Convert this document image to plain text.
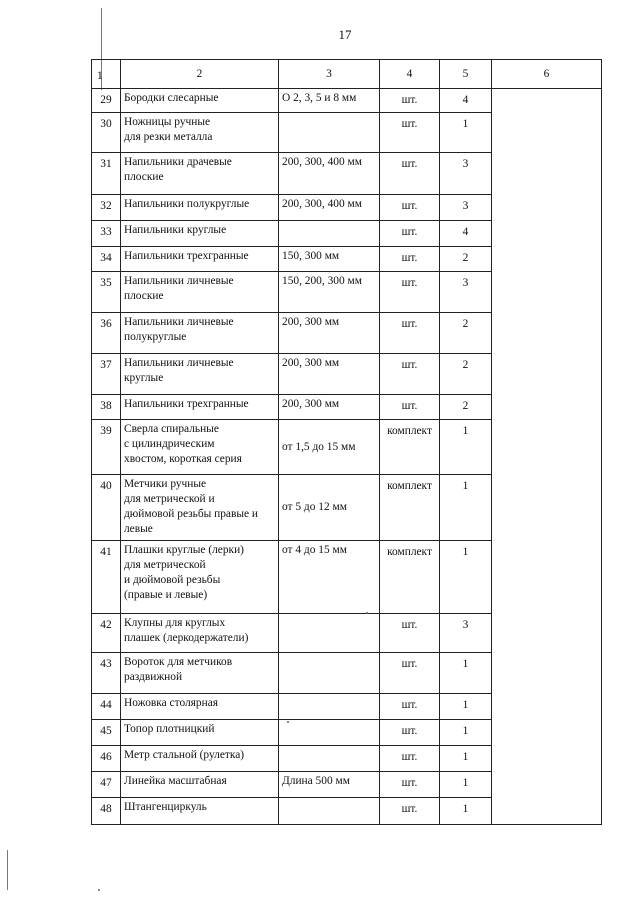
17
1	2	3	4	5	6
29	Бородки слесарные	О 2, 3, 5 и 8 мм	шт.	4	
30	Ножницы ручные
для резки металла		шт.	1	
31	Напильники драчевые
плоские	200, 300, 400 мм	шт.	3	
32	Напильники полукруглые	200, 300, 400 мм	шт.	3	
33	Напильники круглые		шт.	4	
34	Напильники трехгранные	150, 300 мм	шт.	2	
35	Напильники личневые
плоские	150, 200, 300 мм	шт.	3	
36	Напильники личневые
полукруглые	200, 300 мм	шт.	2	
37	Напильники личневые
круглые	200, 300 мм	шт.	2	
38	Напильники трехгранные	200, 300 мм	шт.	2	
39	Сверла спиральные
с цилиндрическим
хвостом, короткая серия	от 1,5 до 15 мм	комплект	1	
40	Метчики ручные
для метрической и
дюймовой резьбы правые и
левые	от 5 до 12 мм	комплект	1	
41	Плашки круглые (лерки)
для метрической
и дюймовой резьбы
(правые и левые)	от 4 до 15 мм	комплект	1	
42	Клупны для круглых
плашек (леркодержатели)		шт.	3	
43	Вороток для метчиков
раздвижной		шт.	1	
44	Ножовка столярная		шт.	1	
45	Топор плотницкий		шт.	1	
46	Метр стальной (рулетка)		шт.	1	
47	Линейка масштабная	Длина 500 мм	шт.	1	
48	Штангенциркуль		шт.	1	
